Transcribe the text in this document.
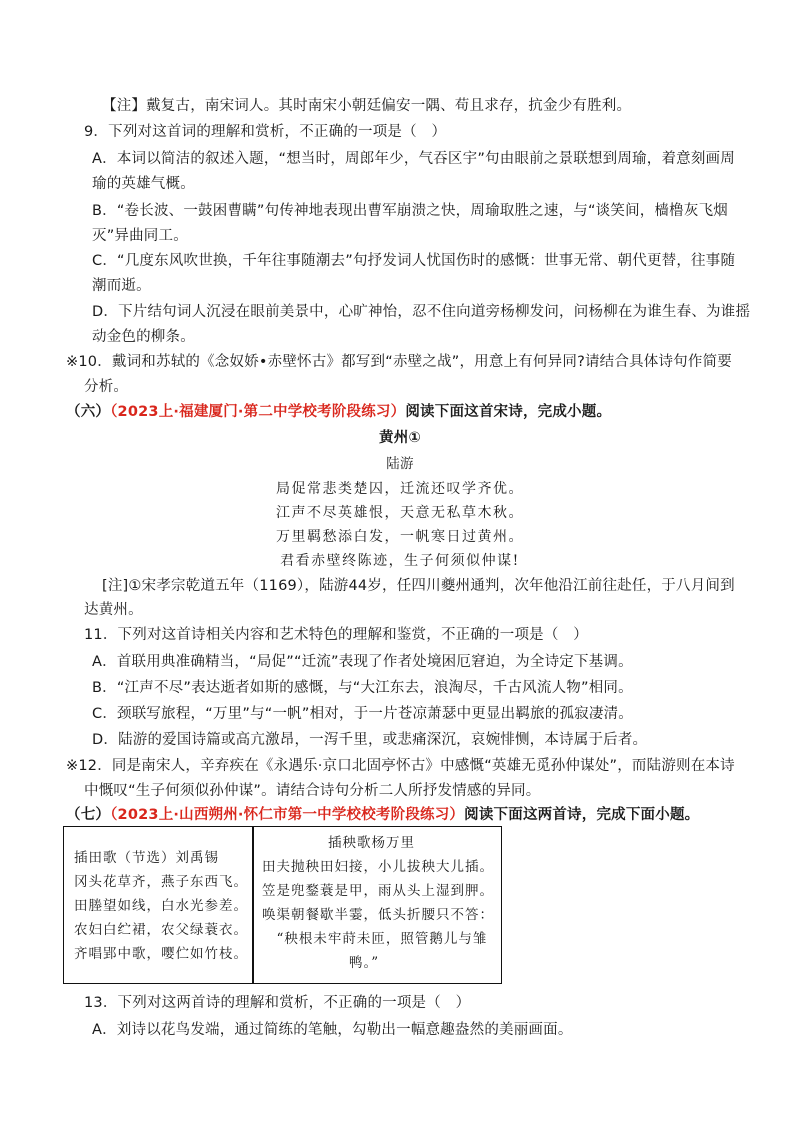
【注】戴复古，南宋词人。其时南宋小朝廷偏安一隅、苟且求存，抗金少有胜利。
9．下列对这首词的理解和赏析，不正确的一项是（　）
A．本词以简洁的叙述入题，“想当时，周郎年少，气吞区宇”句由眼前之景联想到周瑜，着意刻画周
瑜的英雄气概。
B．“卷长波、一鼓困曹瞒”句传神地表现出曹军崩溃之快，周瑜取胜之速，与“谈笑间，樯橹灰飞烟
灭”异曲同工。
C．“几度东风吹世换，千年往事随潮去”句抒发词人忧国伤时的感慨：世事无常、朝代更替，往事随
潮而逝。
D．下片结句词人沉浸在眼前美景中，心旷神怡，忍不住向道旁杨柳发问，问杨柳在为谁生春、为谁摇
动金色的柳条。
※10．戴词和苏轼的《念奴娇•赤壁怀古》都写到“赤壁之战”，用意上有何异同?请结合具体诗句作简要
分析。
（六）（2023上·福建厦门·第二中学校考阶段练习）阅读下面这首宋诗，完成小题。
黄州①
陆游
局促常悲类楚囚，迁流还叹学齐优。
江声不尽英雄恨，天意无私草木秋。
万里羁愁添白发，一帆寒日过黄州。
君看赤壁终陈迹，生子何须似仲谋!
[注]①宋孝宗乾道五年（1169），陆游44岁，任四川夔州通判，次年他沿江前往赴任，于八月间到
达黄州。
11．下列对这首诗相关内容和艺术特色的理解和鉴赏，不正确的一项是（　）
A．首联用典准确精当，“局促”“迁流”表现了作者处境困厄窘迫，为全诗定下基调。
B．“江声不尽”表达逝者如斯的感慨，与“大江东去，浪淘尽，千古风流人物”相同。
C．颈联写旅程，“万里”与“一帆”相对，于一片苍凉萧瑟中更显出羁旅的孤寂凄清。
D．陆游的爱国诗篇或高亢激昂，一泻千里，或悲痛深沉，哀婉悱恻，本诗属于后者。
※12．同是南宋人，辛弃疾在《永遇乐·京口北固亭怀古》中感慨“英雄无觅孙仲谋处”，而陆游则在本诗
中慨叹“生子何须似孙仲谋”。请结合诗句分析二人所抒发情感的异同。
（七）（2023上·山西朔州·怀仁市第一中学校校考阶段练习）阅读下面这两首诗，完成下面小题。
插田歌（节选）刘禹锡
冈头花草齐，燕子东西飞。
田塍望如线，白水光参差。
农妇白纻裙，农父绿蓑衣。
齐唱郢中歌，嘤伫如竹枝。
插秧歌杨万里
田夫抛秧田妇接，小儿拔秧大儿插。
笠是兜鍪蓑是甲，雨从头上湿到胛。
唤渠朝餐歇半霎，低头折腰只不答：
　“秧根未牢莳未匝，照管鹅儿与雏
　　　　　　鸭。”
13．下列对这两首诗的理解和赏析，不正确的一项是（　）
A．刘诗以花鸟发端，通过简练的笔触，勾勒出一幅意趣盎然的美丽画面。
